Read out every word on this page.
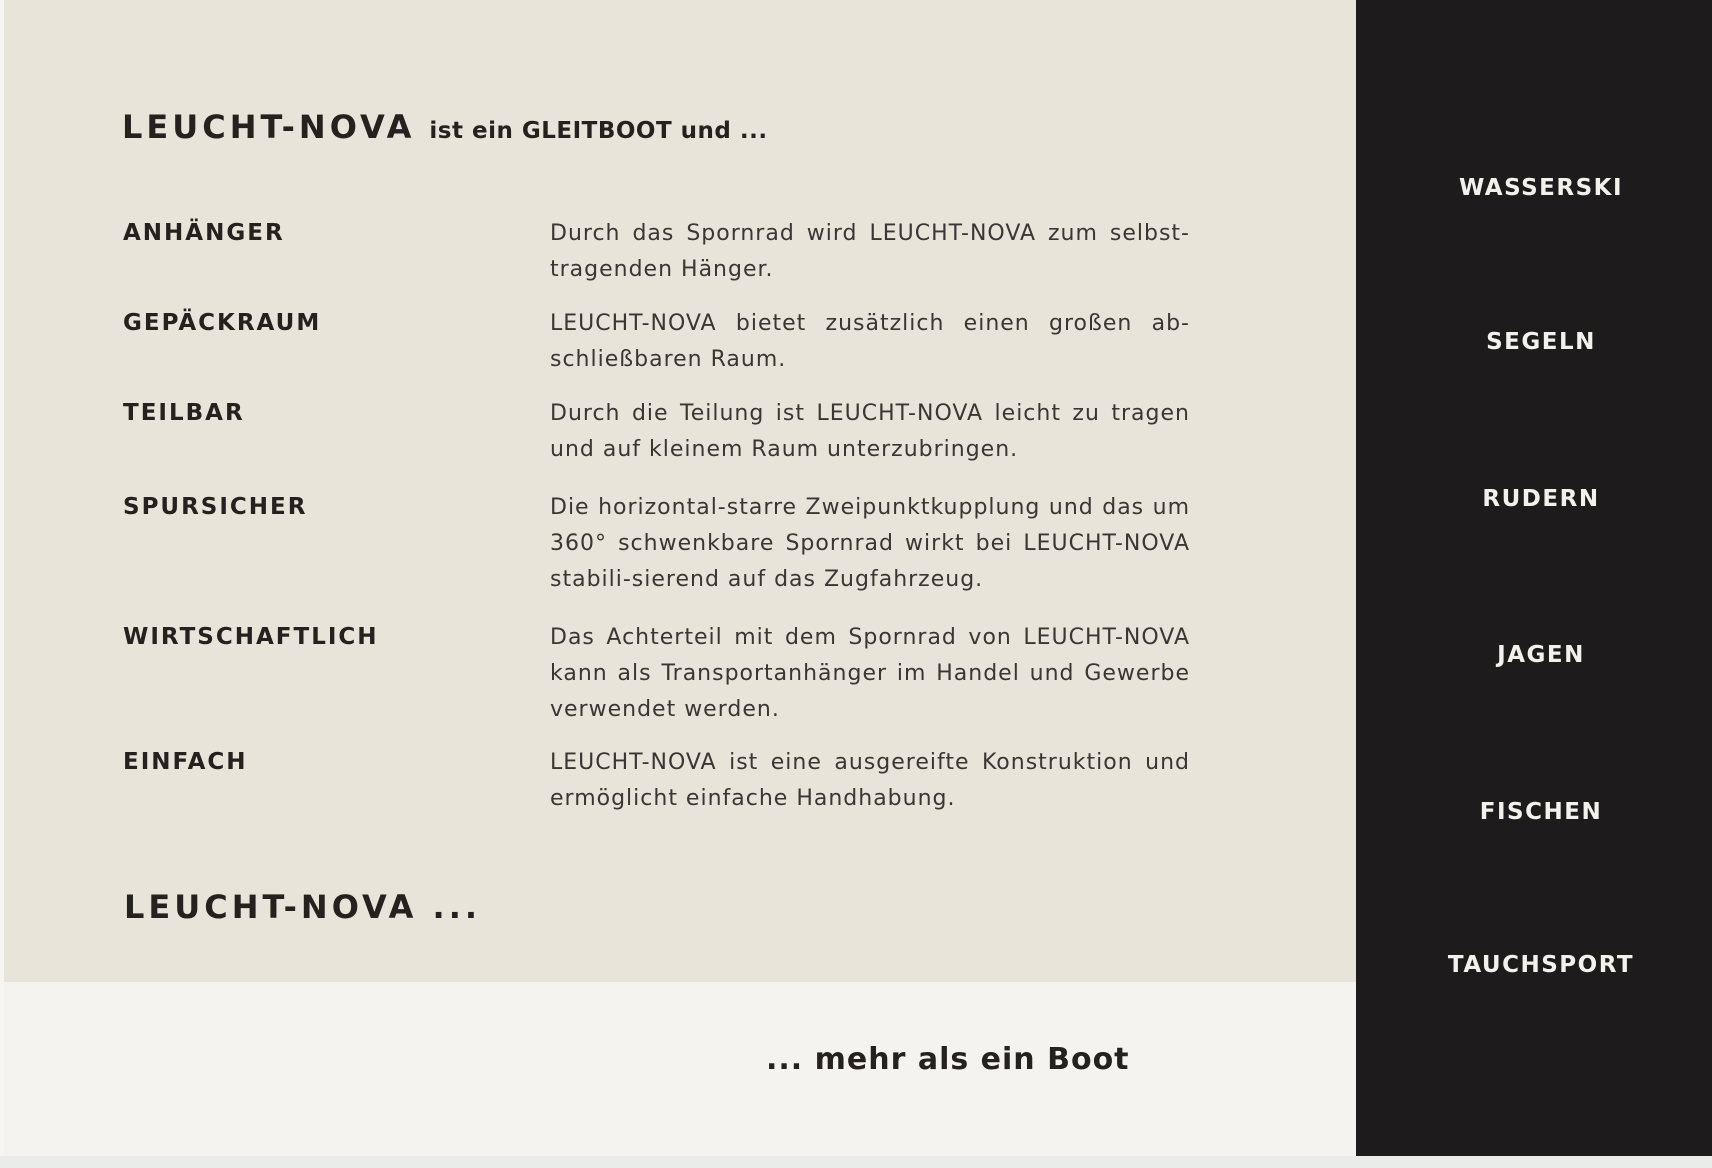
LEUCHT-NOVA ist ein GLEITBOOT und ...
ANHÄNGER	Durch das Spornrad wird LEUCHT-NOVA zum selbst-tragenden Hänger.

GEPÄCKRAUM	LEUCHT-NOVA bietet zusätzlich einen großen ab-schließbaren Raum.

TEILBAR	Durch die Teilung ist LEUCHT-NOVA leicht zu tragen und auf kleinem Raum unterzubringen.

SPURSICHER	Die horizontal-starre Zweipunktkupplung und das um 360° schwenkbare Spornrad wirkt bei LEUCHT-NOVA stabili-sierend auf das Zugfahrzeug.

WIRTSCHAFTLICH	Das Achterteil mit dem Spornrad von LEUCHT-NOVA kann als Transportanhänger im Handel und Gewerbe verwendet werden.

EINFACH	LEUCHT-NOVA ist eine ausgereifte Konstruktion und ermöglicht einfache Handhabung.

LEUCHT-NOVA ...
... mehr als ein Boot
WASSERSKI
SEGELN
RUDERN
JAGEN
FISCHEN
TAUCHSPORT
